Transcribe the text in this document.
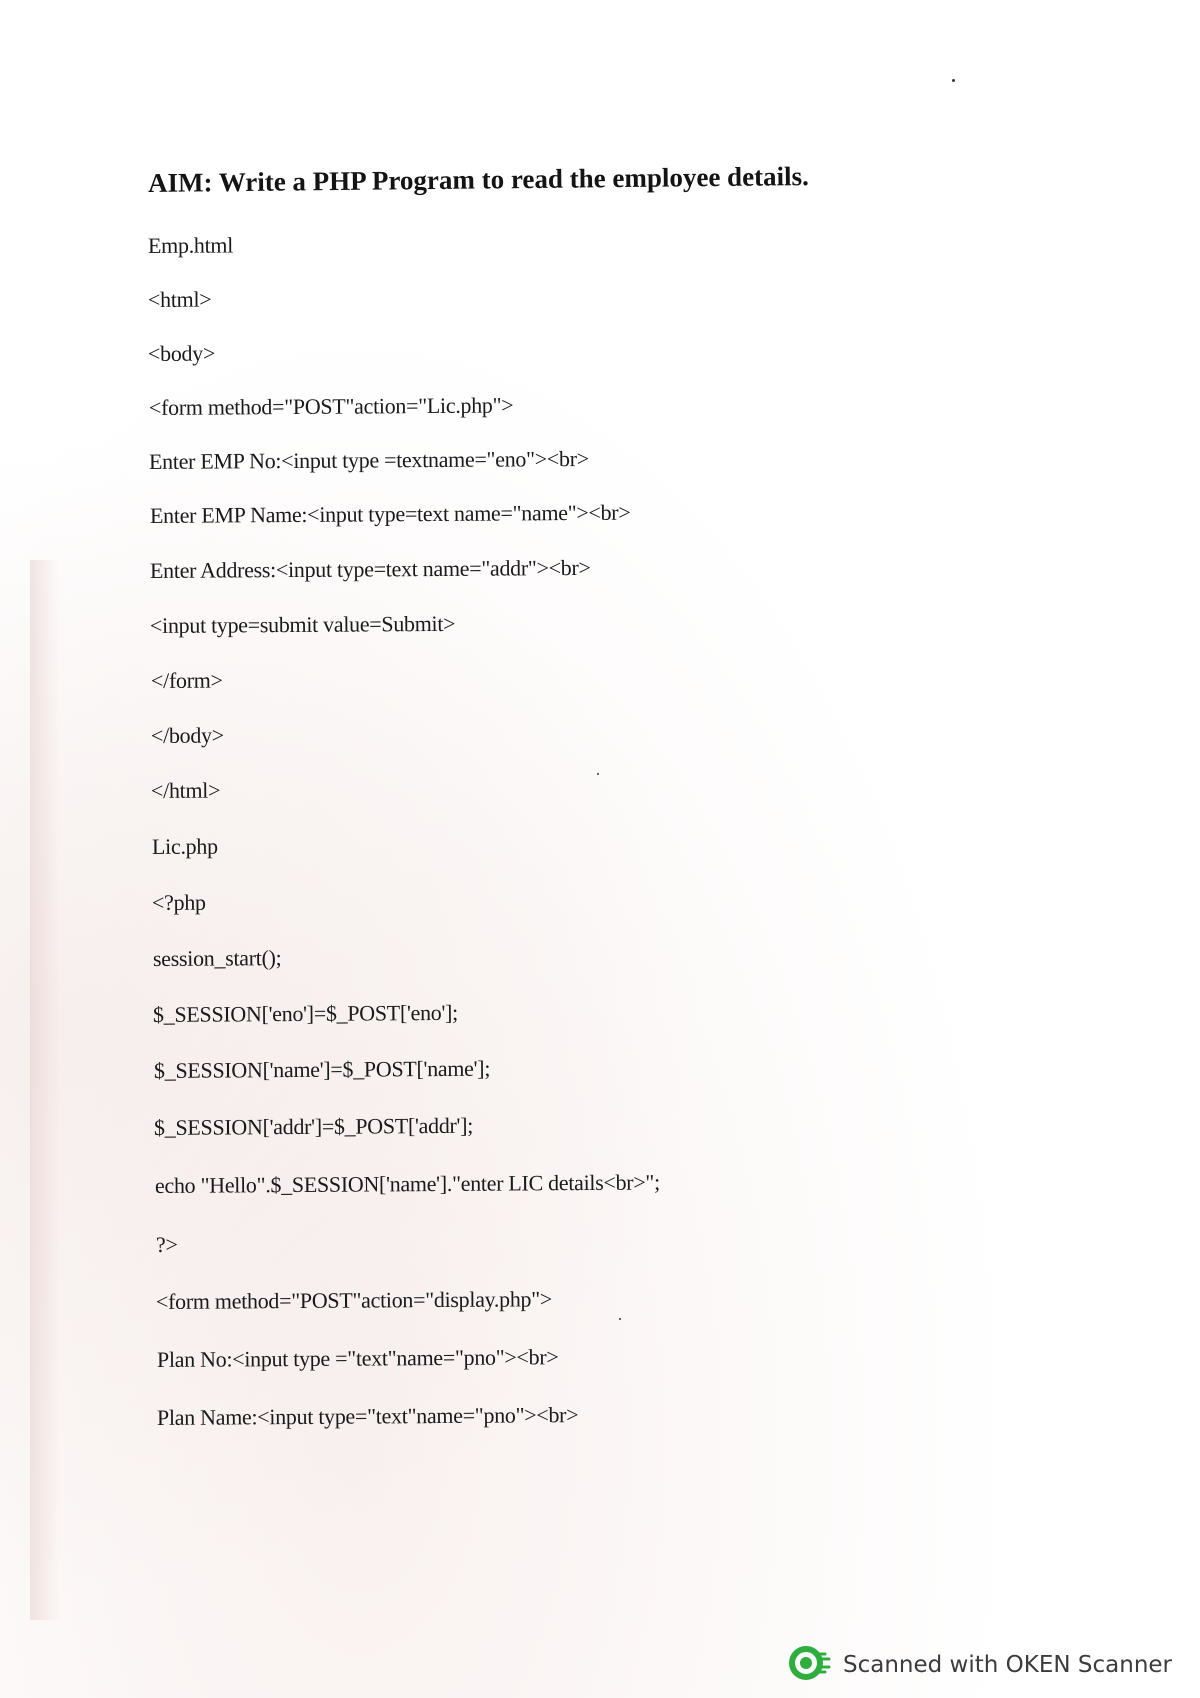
AIM: Write a PHP Program to read the employee details.
Emp.html
<html>
<body>
<form method="POST"action="Lic.php">
Enter EMP No:<input type =textname="eno"><br>
Enter EMP Name:<input type=text name="name"><br>
Enter Address:<input type=text name="addr"><br>
<input type=submit value=Submit>
</form>
</body>
</html>
Lic.php
<?php
session_start();
$_SESSION['eno']=$_POST['eno'];
$_SESSION['name']=$_POST['name'];
$_SESSION['addr']=$_POST['addr'];
echo "Hello".$_SESSION['name']."enter LIC details<br>";
?>
<form method="POST"action="display.php">
Plan No:<input type ="text"name="pno"><br>
Plan Name:<input type="text"name="pno"><br>
Scanned with OKEN Scanner
